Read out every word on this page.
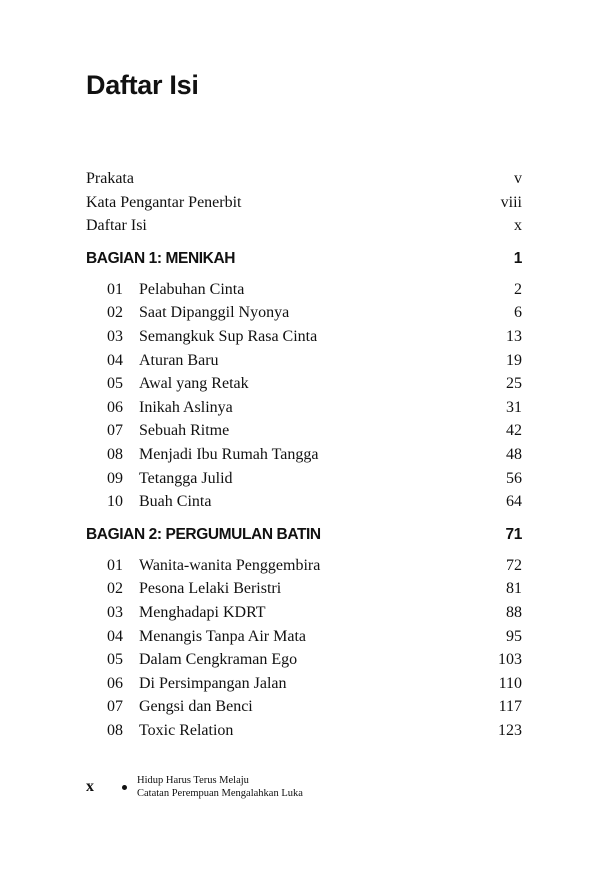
Daftar Isi
Prakata	v
Kata Pengantar Penerbit	viii
Daftar Isi	x
BAGIAN 1: MENIKAH	1
01	Pelabuhan Cinta	2
02	Saat Dipanggil Nyonya	6
03	Semangkuk Sup Rasa Cinta	13
04	Aturan Baru	19
05	Awal yang Retak	25
06	Inikah Aslinya	31
07	Sebuah Ritme	42
08	Menjadi Ibu Rumah Tangga	48
09	Tetangga Julid	56
10	Buah Cinta	64
BAGIAN 2: PERGUMULAN BATIN	71
01	Wanita-wanita Penggembira	72
02	Pesona Lelaki Beristri	81
03	Menghadapi KDRT	88
04	Menangis Tanpa Air Mata	95
05	Dalam Cengkraman Ego	103
06	Di Persimpangan Jalan	110
07	Gengsi dan Benci	117
08	Toxic Relation	123
x	Hidup Harus Terus Melaju
Catatan Perempuan Mengalahkan Luka
